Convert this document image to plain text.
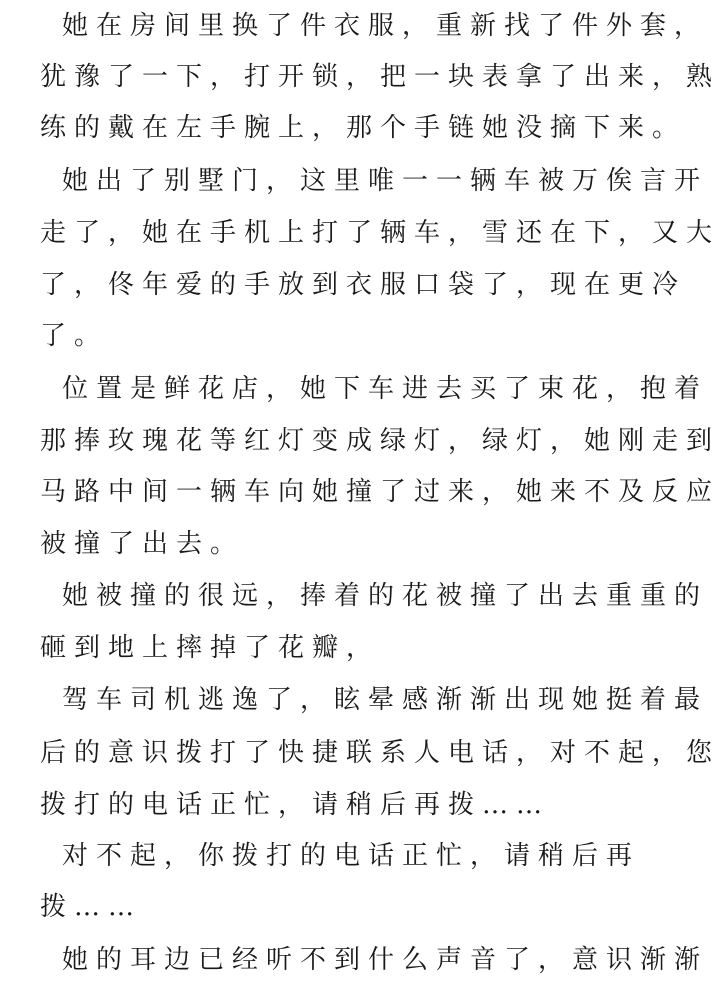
她在房间里换了件衣服，重新找了件外套，
犹豫了一下，打开锁，把一块表拿了出来，熟
练的戴在左手腕上，那个手链她没摘下来。
她出了别墅门，这里唯一一辆车被万俟言开
走了，她在手机上打了辆车，雪还在下，又大
了，佟年爱的手放到衣服口袋了，现在更冷
了。
位置是鲜花店，她下车进去买了束花，抱着
那捧玫瑰花等红灯变成绿灯，绿灯，她刚走到
马路中间一辆车向她撞了过来，她来不及反应
被撞了出去。
她被撞的很远，捧着的花被撞了出去重重的
砸到地上摔掉了花瓣，
驾车司机逃逸了，眩晕感渐渐出现她挺着最
后的意识拨打了快捷联系人电话，对不起，您
拨打的电话正忙，请稍后再拨……
对不起，你拨打的电话正忙，请稍后再
拨……
她的耳边已经听不到什么声音了，意识渐渐
